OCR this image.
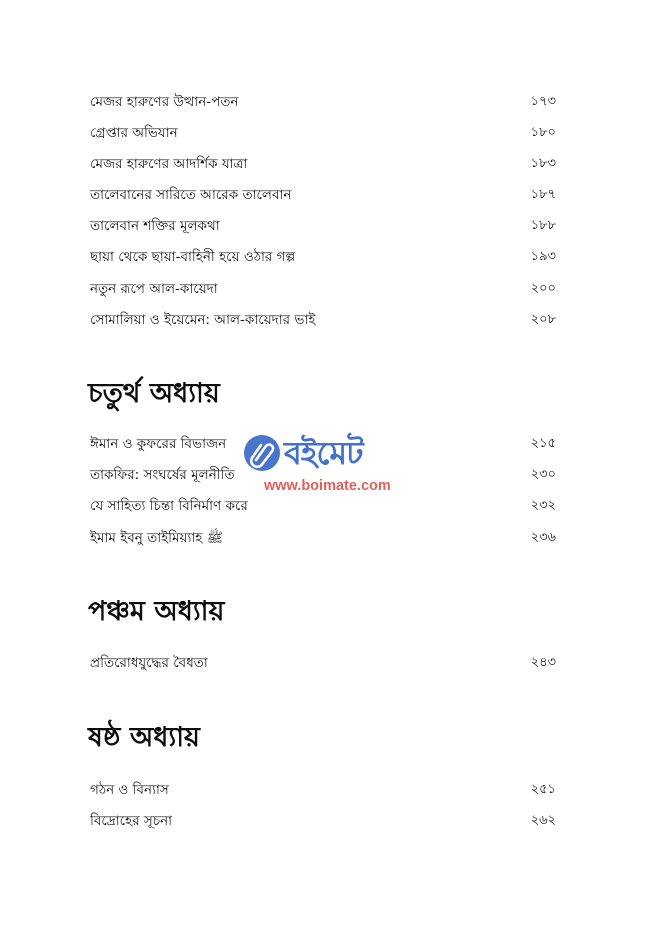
মেজর হারুণের উত্থান-পতন	১৭৩
গ্রেপ্তার অভিযান	১৮০
মেজর হারুণের আদর্শিক যাত্রা	১৮৩
তালেবানের সারিতে আরেক তালেবান	১৮৭
তালেবান শক্তির মূলকথা	১৮৮
ছায়া থেকে ছায়া-বাহিনী হয়ে ওঠার গল্প	১৯৩
নতুন রূপে আল-কায়েদা	২০০
সোমালিয়া ও ইয়েমেন: আল-কায়েদার ভাই	২০৮
চতুর্থ অধ্যায়
ঈমান ও কুফরের বিভাজন	২১৫
তাকফির: সংঘর্ষের মূলনীতি	২৩০
যে সাহিত্য চিন্তা বিনির্মাণ করে	২৩২
ইমাম ইবনু তাইমিয়্যাহ ﷺ	২৩৬
পঞ্চম অধ্যায়
প্রতিরোধযুদ্ধের বৈধতা	২৪৩
ষষ্ঠ অধ্যায়
গঠন ও বিন্যাস	২৫১
বিদ্রোহের সূচনা	২৬২
বইমেট
www.boimate.com
